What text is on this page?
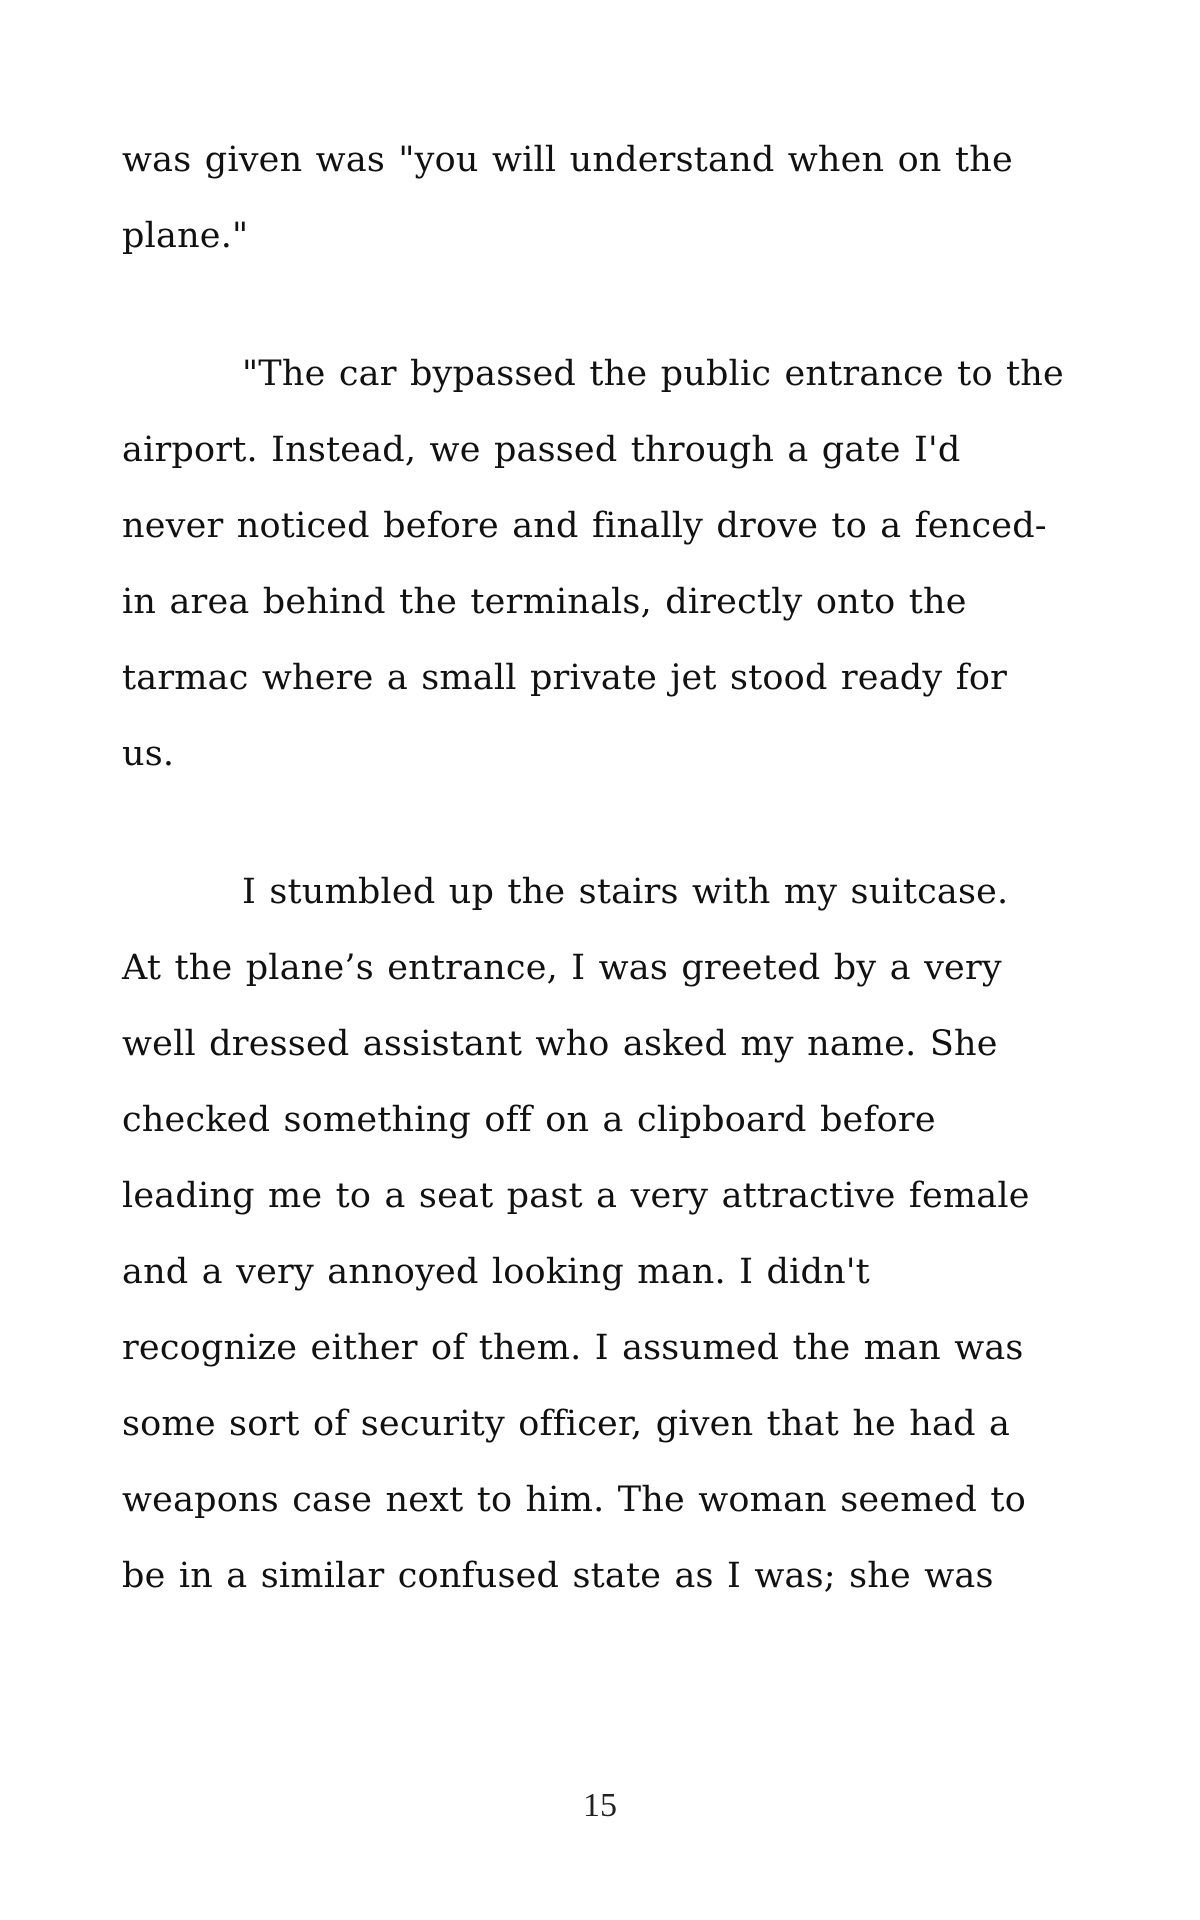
was given was "you will understand when on the
plane."

"The car bypassed the public entrance to the
airport. Instead, we passed through a gate I'd
never noticed before and finally drove to a fenced-
in area behind the terminals, directly onto the
tarmac where a small private jet stood ready for
us.

I stumbled up the stairs with my suitcase.
At the plane’s entrance, I was greeted by a very
well dressed assistant who asked my name. She
checked something off on a clipboard before
leading me to a seat past a very attractive female
and a very annoyed looking man. I didn't
recognize either of them. I assumed the man was
some sort of security officer, given that he had a
weapons case next to him. The woman seemed to
be in a similar confused state as I was; she was

15
